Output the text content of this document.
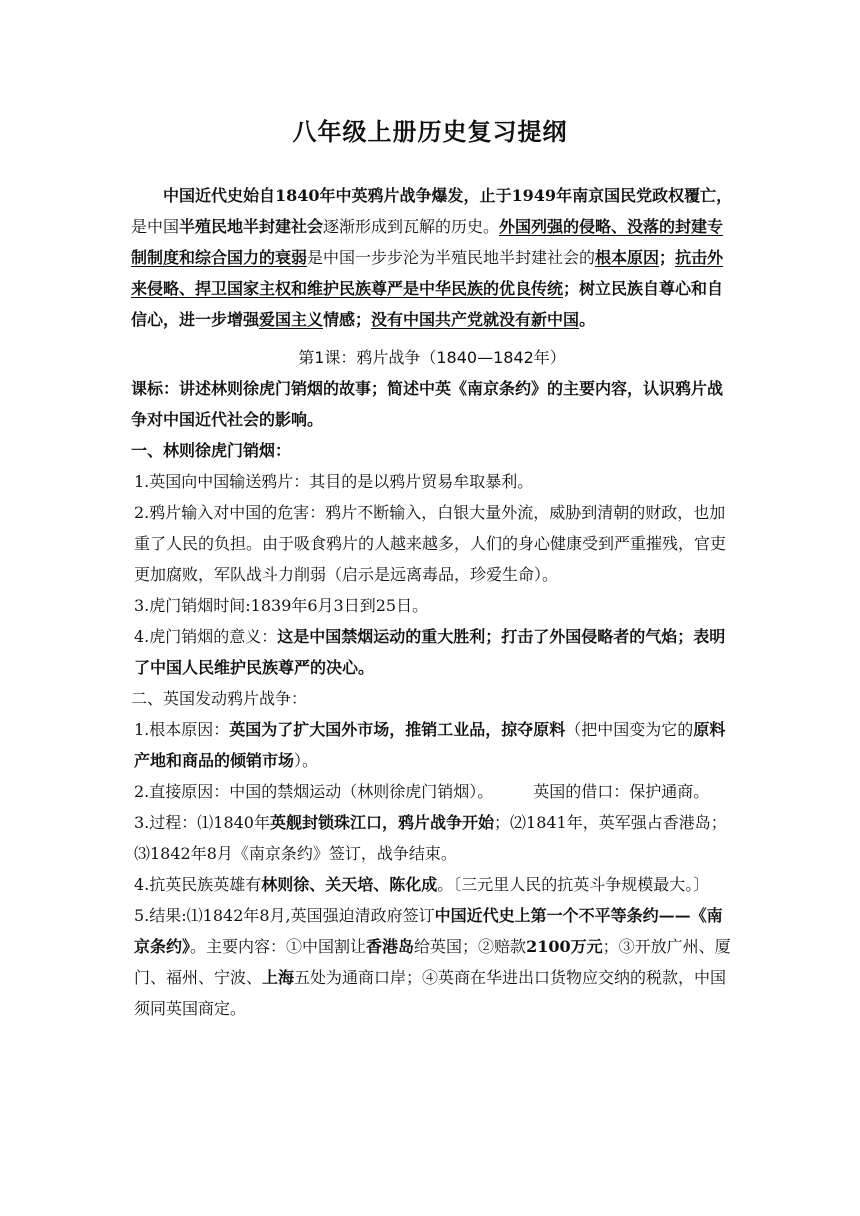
八年级上册历史复习提纲

中国近代史始自1840年中英鸦片战争爆发，止于1949年南京国民党政权覆亡，是中国半殖民地半封建社会逐渐形成到瓦解的历史。外国列强的侵略、没落的封建专制制度和综合国力的衰弱是中国一步步沦为半殖民地半封建社会的根本原因；抗击外来侵略、捍卫国家主权和维护民族尊严是中华民族的优良传统；树立民族自尊心和自信心，进一步增强爱国主义情感；没有中国共产党就没有新中国。

第1课：鸦片战争（1840—1842年）

课标：讲述林则徐虎门销烟的故事；简述中英《南京条约》的主要内容，认识鸦片战争对中国近代社会的影响。

一、林则徐虎门销烟：

1.英国向中国输送鸦片：其目的是以鸦片贸易牟取暴利。

2.鸦片输入对中国的危害：鸦片不断输入，白银大量外流，威胁到清朝的财政，也加重了人民的负担。由于吸食鸦片的人越来越多，人们的身心健康受到严重摧残，官吏更加腐败，军队战斗力削弱（启示是远离毒品，珍爱生命）。

3.虎门销烟时间:1839年6月3日到25日。

4.虎门销烟的意义：这是中国禁烟运动的重大胜利；打击了外国侵略者的气焰；表明了中国人民维护民族尊严的决心。

二、英国发动鸦片战争：

1.根本原因：英国为了扩大国外市场，推销工业品，掠夺原料（把中国变为它的原料产地和商品的倾销市场）。

2.直接原因：中国的禁烟运动（林则徐虎门销烟）。	英国的借口：保护通商。

3.过程：⑴1840年英舰封锁珠江口，鸦片战争开始；⑵1841年，英军强占香港岛；⑶1842年8月《南京条约》签订，战争结束。

4.抗英民族英雄有林则徐、关天培、陈化成。〔三元里人民的抗英斗争规模最大。〕

5.结果:⑴1842年8月,英国强迫清政府签订中国近代史上第一个不平等条约——《南京条约》。主要内容：①中国割让香港岛给英国；②赔款2100万元；③开放广州、厦门、福州、宁波、上海五处为通商口岸；④英商在华进出口货物应交纳的税款，中国须同英国商定。
